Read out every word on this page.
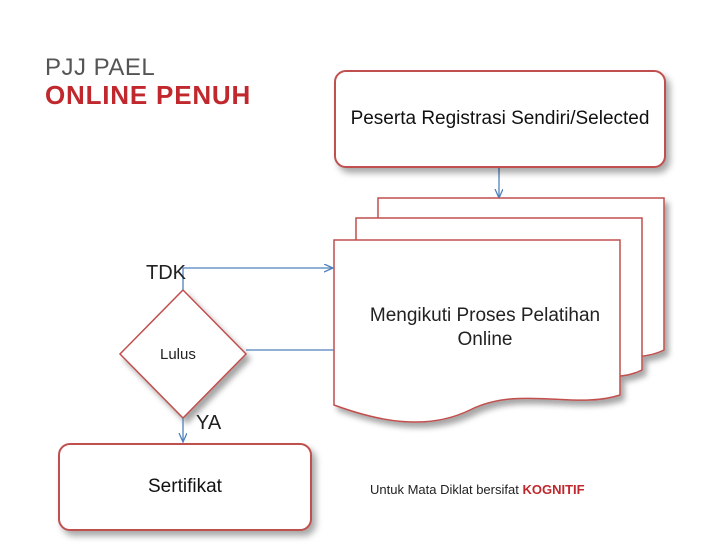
PJJ PAEL
ONLINE PENUH
Peserta Registrasi Sendiri/Selected
Mengikuti Proses Pelatihan
Online
TDK
Lulus
YA
Sertifikat	Untuk Mata Diklat bersifat KOGNITIF
